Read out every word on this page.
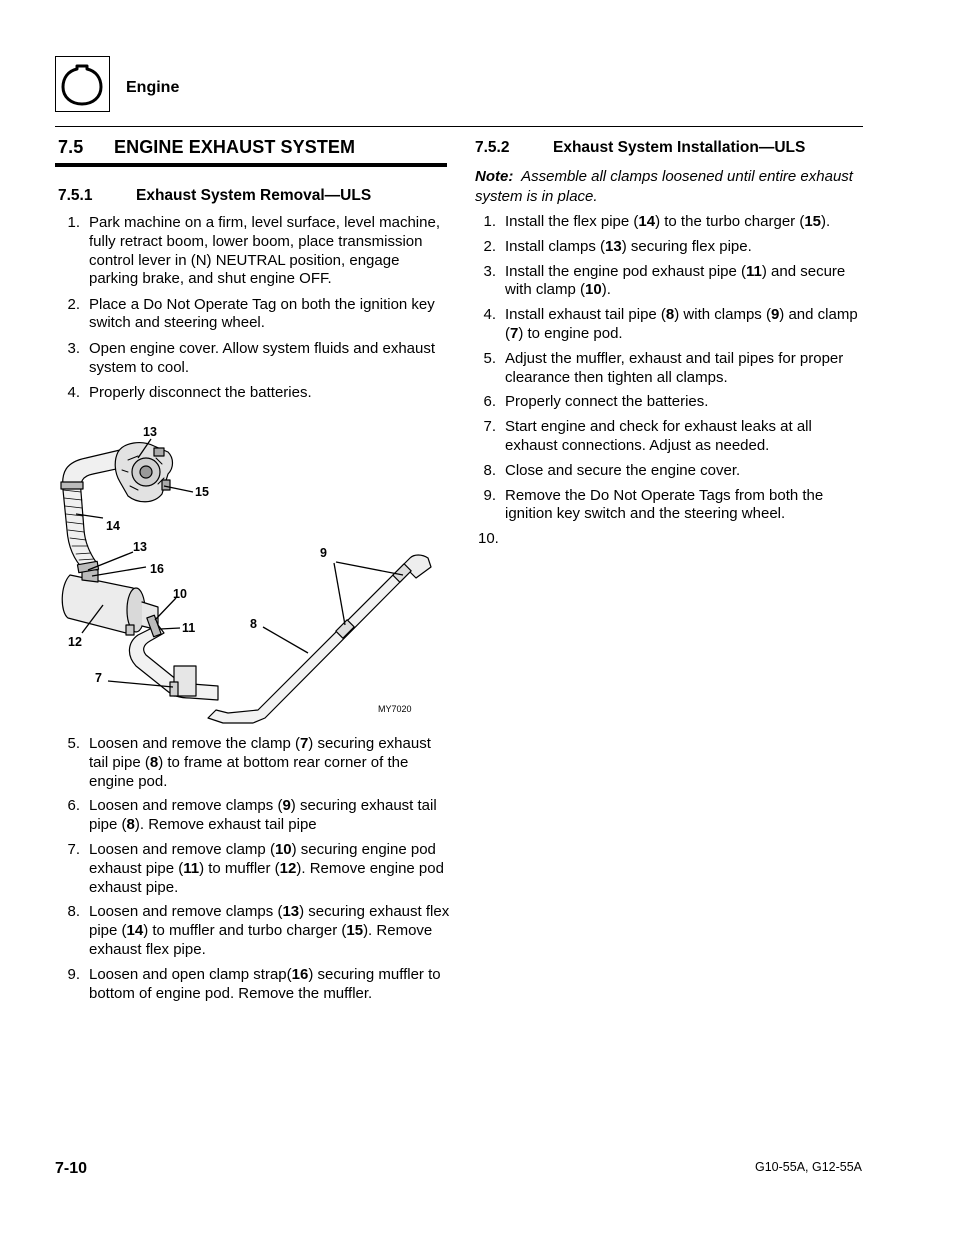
Engine
7.5 ENGINE EXHAUST SYSTEM
7.5.1	Exhaust System Removal—ULS
1. Park machine on a firm, level surface, level machine, fully retract boom, lower boom, place transmission control lever in (N) NEUTRAL position, engage parking brake, and shut engine OFF.
2. Place a Do Not Operate Tag on both the ignition key switch and steering wheel.
3. Open engine cover. Allow system fluids and exhaust system to cool.
4. Properly disconnect the batteries.
13
15
14
13
16
10
11
12
7
8
9
MY7020
5. Loosen and remove the clamp (7) securing exhaust tail pipe (8) to frame at bottom rear corner of the engine pod.
6. Loosen and remove clamps (9) securing exhaust tail pipe (8). Remove exhaust tail pipe
7. Loosen and remove clamp (10) securing engine pod exhaust pipe (11) to muffler (12). Remove engine pod exhaust pipe.
8. Loosen and remove clamps (13) securing exhaust flex pipe (14) to muffler and turbo charger (15). Remove exhaust flex pipe.
9. Loosen and open clamp strap(16) securing muffler to bottom of engine pod. Remove the muffler.
7.5.2	Exhaust System Installation—ULS
Note: Assemble all clamps loosened until entire exhaust system is in place.
1. Install the flex pipe (14) to the turbo charger (15).
2. Install clamps (13) securing flex pipe.
3. Install the engine pod exhaust pipe (11) and secure with clamp (10).
4. Install exhaust tail pipe (8) with clamps (9) and clamp (7) to engine pod.
5. Adjust the muffler, exhaust and tail pipes for proper clearance then tighten all clamps.
6. Properly connect the batteries.
7. Start engine and check for exhaust leaks at all exhaust connections. Adjust as needed.
8. Close and secure the engine cover.
9. Remove the Do Not Operate Tags from both the ignition key switch and the steering wheel.
10.
7-10	G10-55A, G12-55A
